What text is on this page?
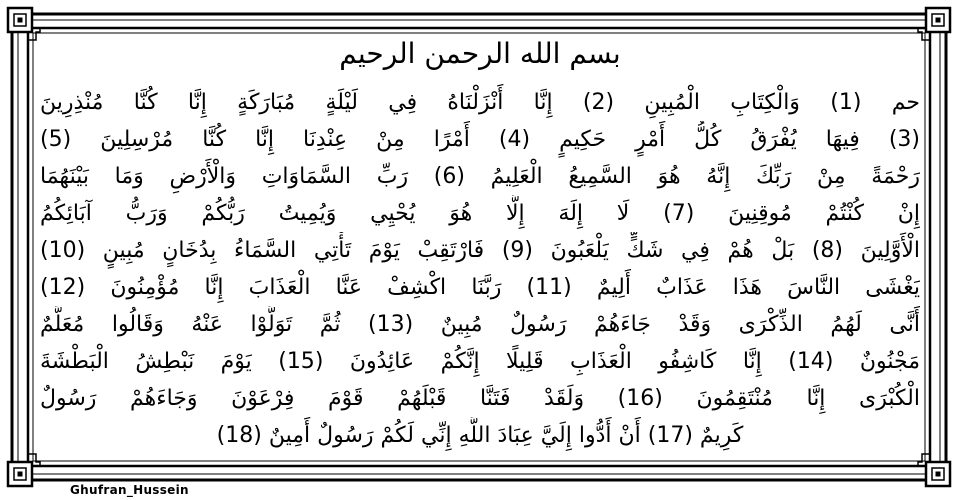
بسم الله الرحمن الرحيم
حم (1) وَالْكِتَابِ الْمُبِينِ (2) إِنَّا أَنْزَلْنَاهُ فِي لَيْلَةٍ مُبَارَكَةٍ إِنَّا كُنَّا مُنْذِرِينَ
(3) فِيهَا يُفْرَقُ كُلُّ أَمْرٍ حَكِيمٍ (4) أَمْرًا مِنْ عِنْدِنَا إِنَّا كُنَّا مُرْسِلِينَ (5)
رَحْمَةً مِنْ رَبِّكَ إِنَّهُ هُوَ السَّمِيعُ الْعَلِيمُ (6) رَبِّ السَّمَاوَاتِ وَالْأَرْضِ وَمَا بَيْنَهُمَا
إِنْ كُنْتُمْ مُوقِنِينَ (7) لَا إِلَهَ إِلَّا هُوَ يُحْيِي وَيُمِيتُ رَبُّكُمْ وَرَبُّ آبَائِكُمُ
الْأَوَّلِينَ (8) بَلْ هُمْ فِي شَكٍّ يَلْعَبُونَ (9) فَارْتَقِبْ يَوْمَ تَأْتِي السَّمَاءُ بِدُخَانٍ مُبِينٍ (10)
يَغْشَى النَّاسَ هَذَا عَذَابٌ أَلِيمٌ (11) رَبَّنَا اكْشِفْ عَنَّا الْعَذَابَ إِنَّا مُؤْمِنُونَ (12)
أَنَّى لَهُمُ الذِّكْرَى وَقَدْ جَاءَهُمْ رَسُولٌ مُبِينٌ (13) ثُمَّ تَوَلَّوْا عَنْهُ وَقَالُوا مُعَلَّمٌ
مَجْنُونٌ (14) إِنَّا كَاشِفُو الْعَذَابِ قَلِيلًا إِنَّكُمْ عَائِدُونَ (15) يَوْمَ نَبْطِشُ الْبَطْشَةَ
الْكُبْرَى إِنَّا مُنْتَقِمُونَ (16) وَلَقَدْ فَتَنَّا قَبْلَهُمْ قَوْمَ فِرْعَوْنَ وَجَاءَهُمْ رَسُولٌ
كَرِيمٌ (17) أَنْ أَدُّوا إِلَيَّ عِبَادَ اللَّهِ إِنِّي لَكُمْ رَسُولٌ أَمِينٌ (18)
Ghufran_Hussein
